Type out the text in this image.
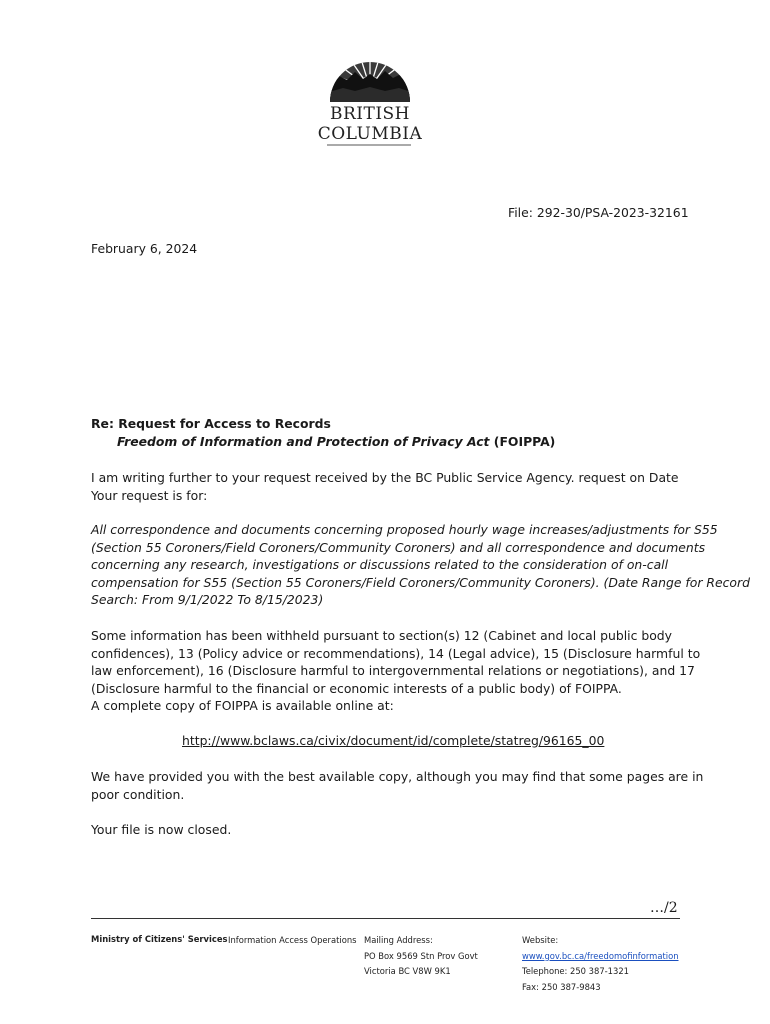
BRITISH
COLUMBIA
File: 292-30/PSA-2023-32161
February 6, 2024
Re: Request for Access to Records
Freedom of Information and Protection of Privacy Act (FOIPPA)
I am writing further to your request received by the BC Public Service Agency. request on Date
Your request is for:
All correspondence and documents concerning proposed hourly wage increases/adjustments for S55
(Section 55 Coroners/Field Coroners/Community Coroners) and all correspondence and documents
concerning any research, investigations or discussions related to the consideration of on-call
compensation for S55 (Section 55 Coroners/Field Coroners/Community Coroners). (Date Range for Record
Search: From 9/1/2022 To 8/15/2023)
Some information has been withheld pursuant to section(s) 12 (Cabinet and local public body
confidences), 13 (Policy advice or recommendations), 14 (Legal advice), 15 (Disclosure harmful to
law enforcement), 16 (Disclosure harmful to intergovernmental relations or negotiations), and 17
(Disclosure harmful to the financial or economic interests of a public body) of FOIPPA.
A complete copy of FOIPPA is available online at:
http://www.bclaws.ca/civix/document/id/complete/statreg/96165_00
We have provided you with the best available copy, although you may find that some pages are in
poor condition.
Your file is now closed.
…/2
Ministry of Citizens' Services Information Access Operations Mailing Address:
PO Box 9569 Stn Prov Govt
Victoria BC V8W 9K1
Website:
www.gov.bc.ca/freedomofinformation
Telephone: 250 387-1321
Fax: 250 387-9843
